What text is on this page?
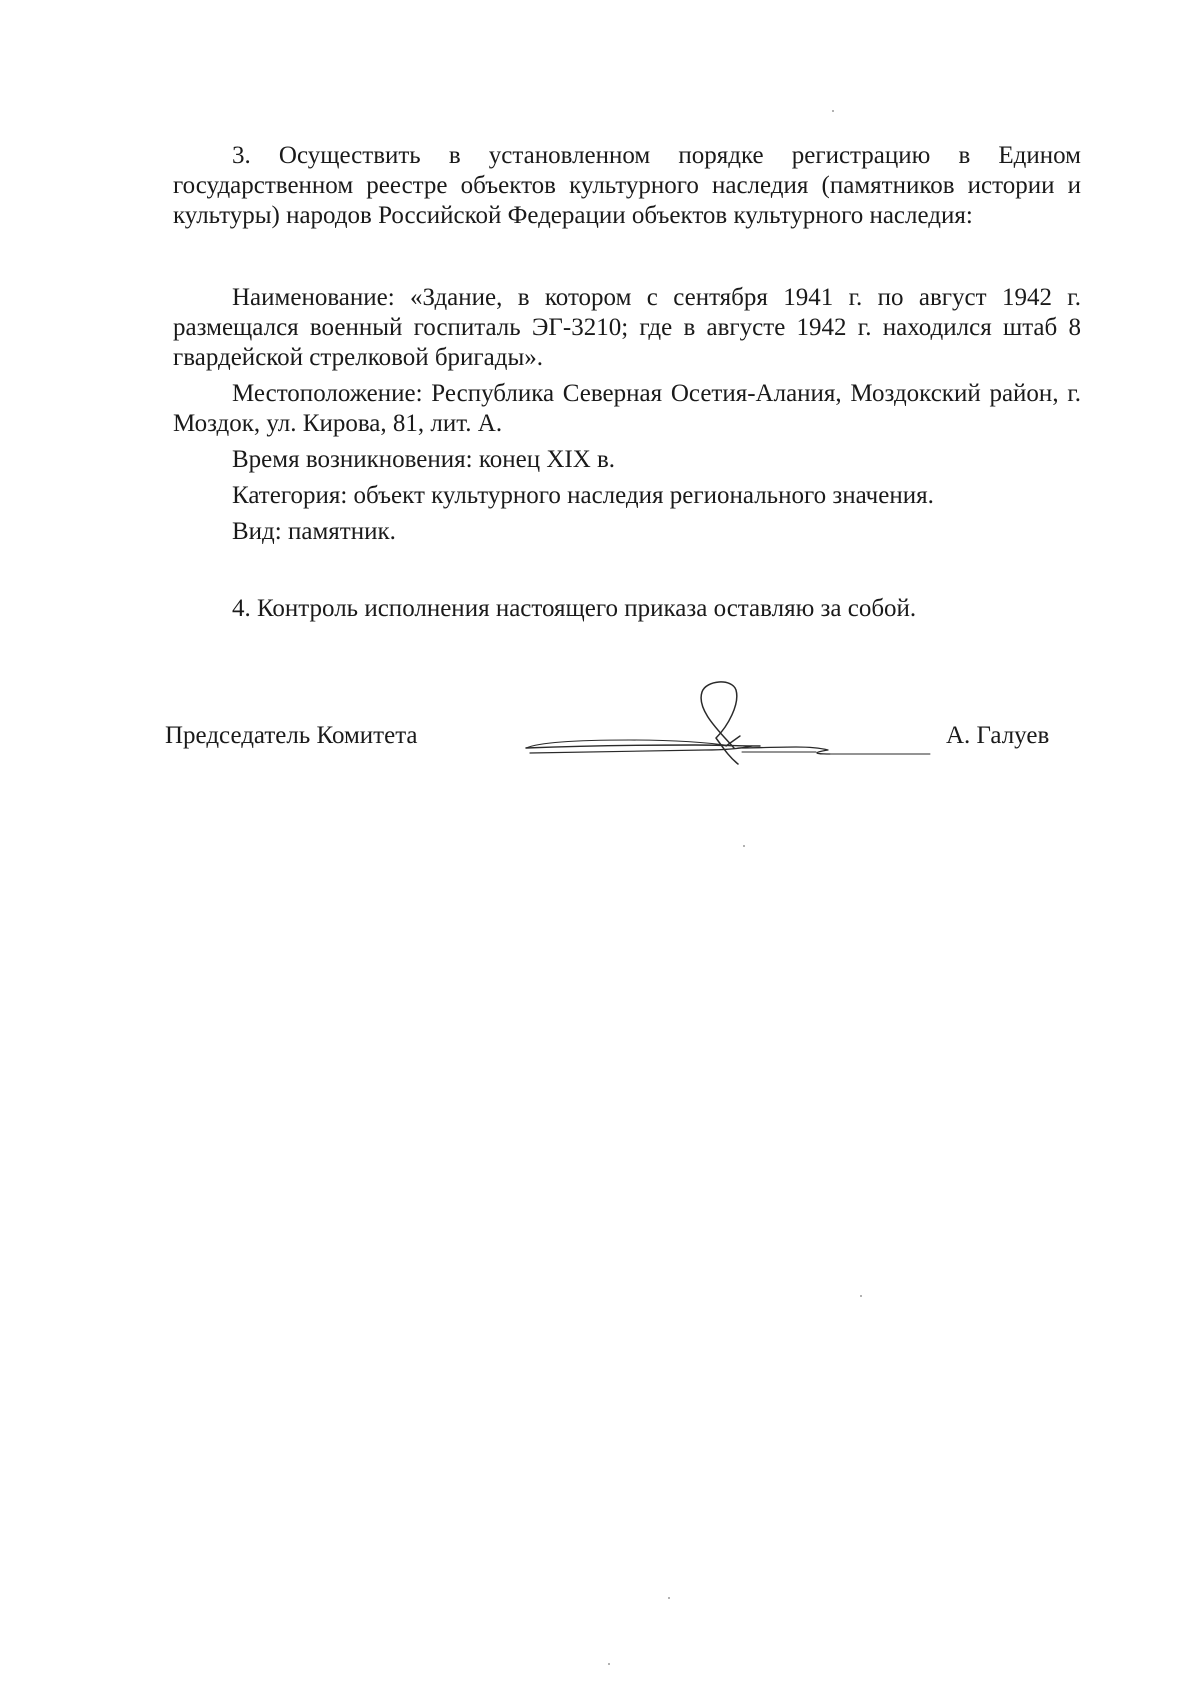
3. Осуществить в установленном порядке регистрацию в Едином государственном реестре объектов культурного наследия (памятников истории и культуры) народов Российской Федерации объектов культурного наследия:

Наименование: «Здание, в котором с сентября 1941 г. по август 1942 г. размещался военный госпиталь ЭГ-3210; где в августе 1942 г. находился штаб 8 гвардейской стрелковой бригады».

Местоположение: Республика Северная Осетия-Алания, Моздокский район, г. Моздок, ул. Кирова, 81, лит. А.

Время возникновения: конец XIX в.

Категория: объект культурного наследия регионального значения.

Вид: памятник.

4. Контроль исполнения настоящего приказа оставляю за собой.

Председатель Комитета	А. Галуев
